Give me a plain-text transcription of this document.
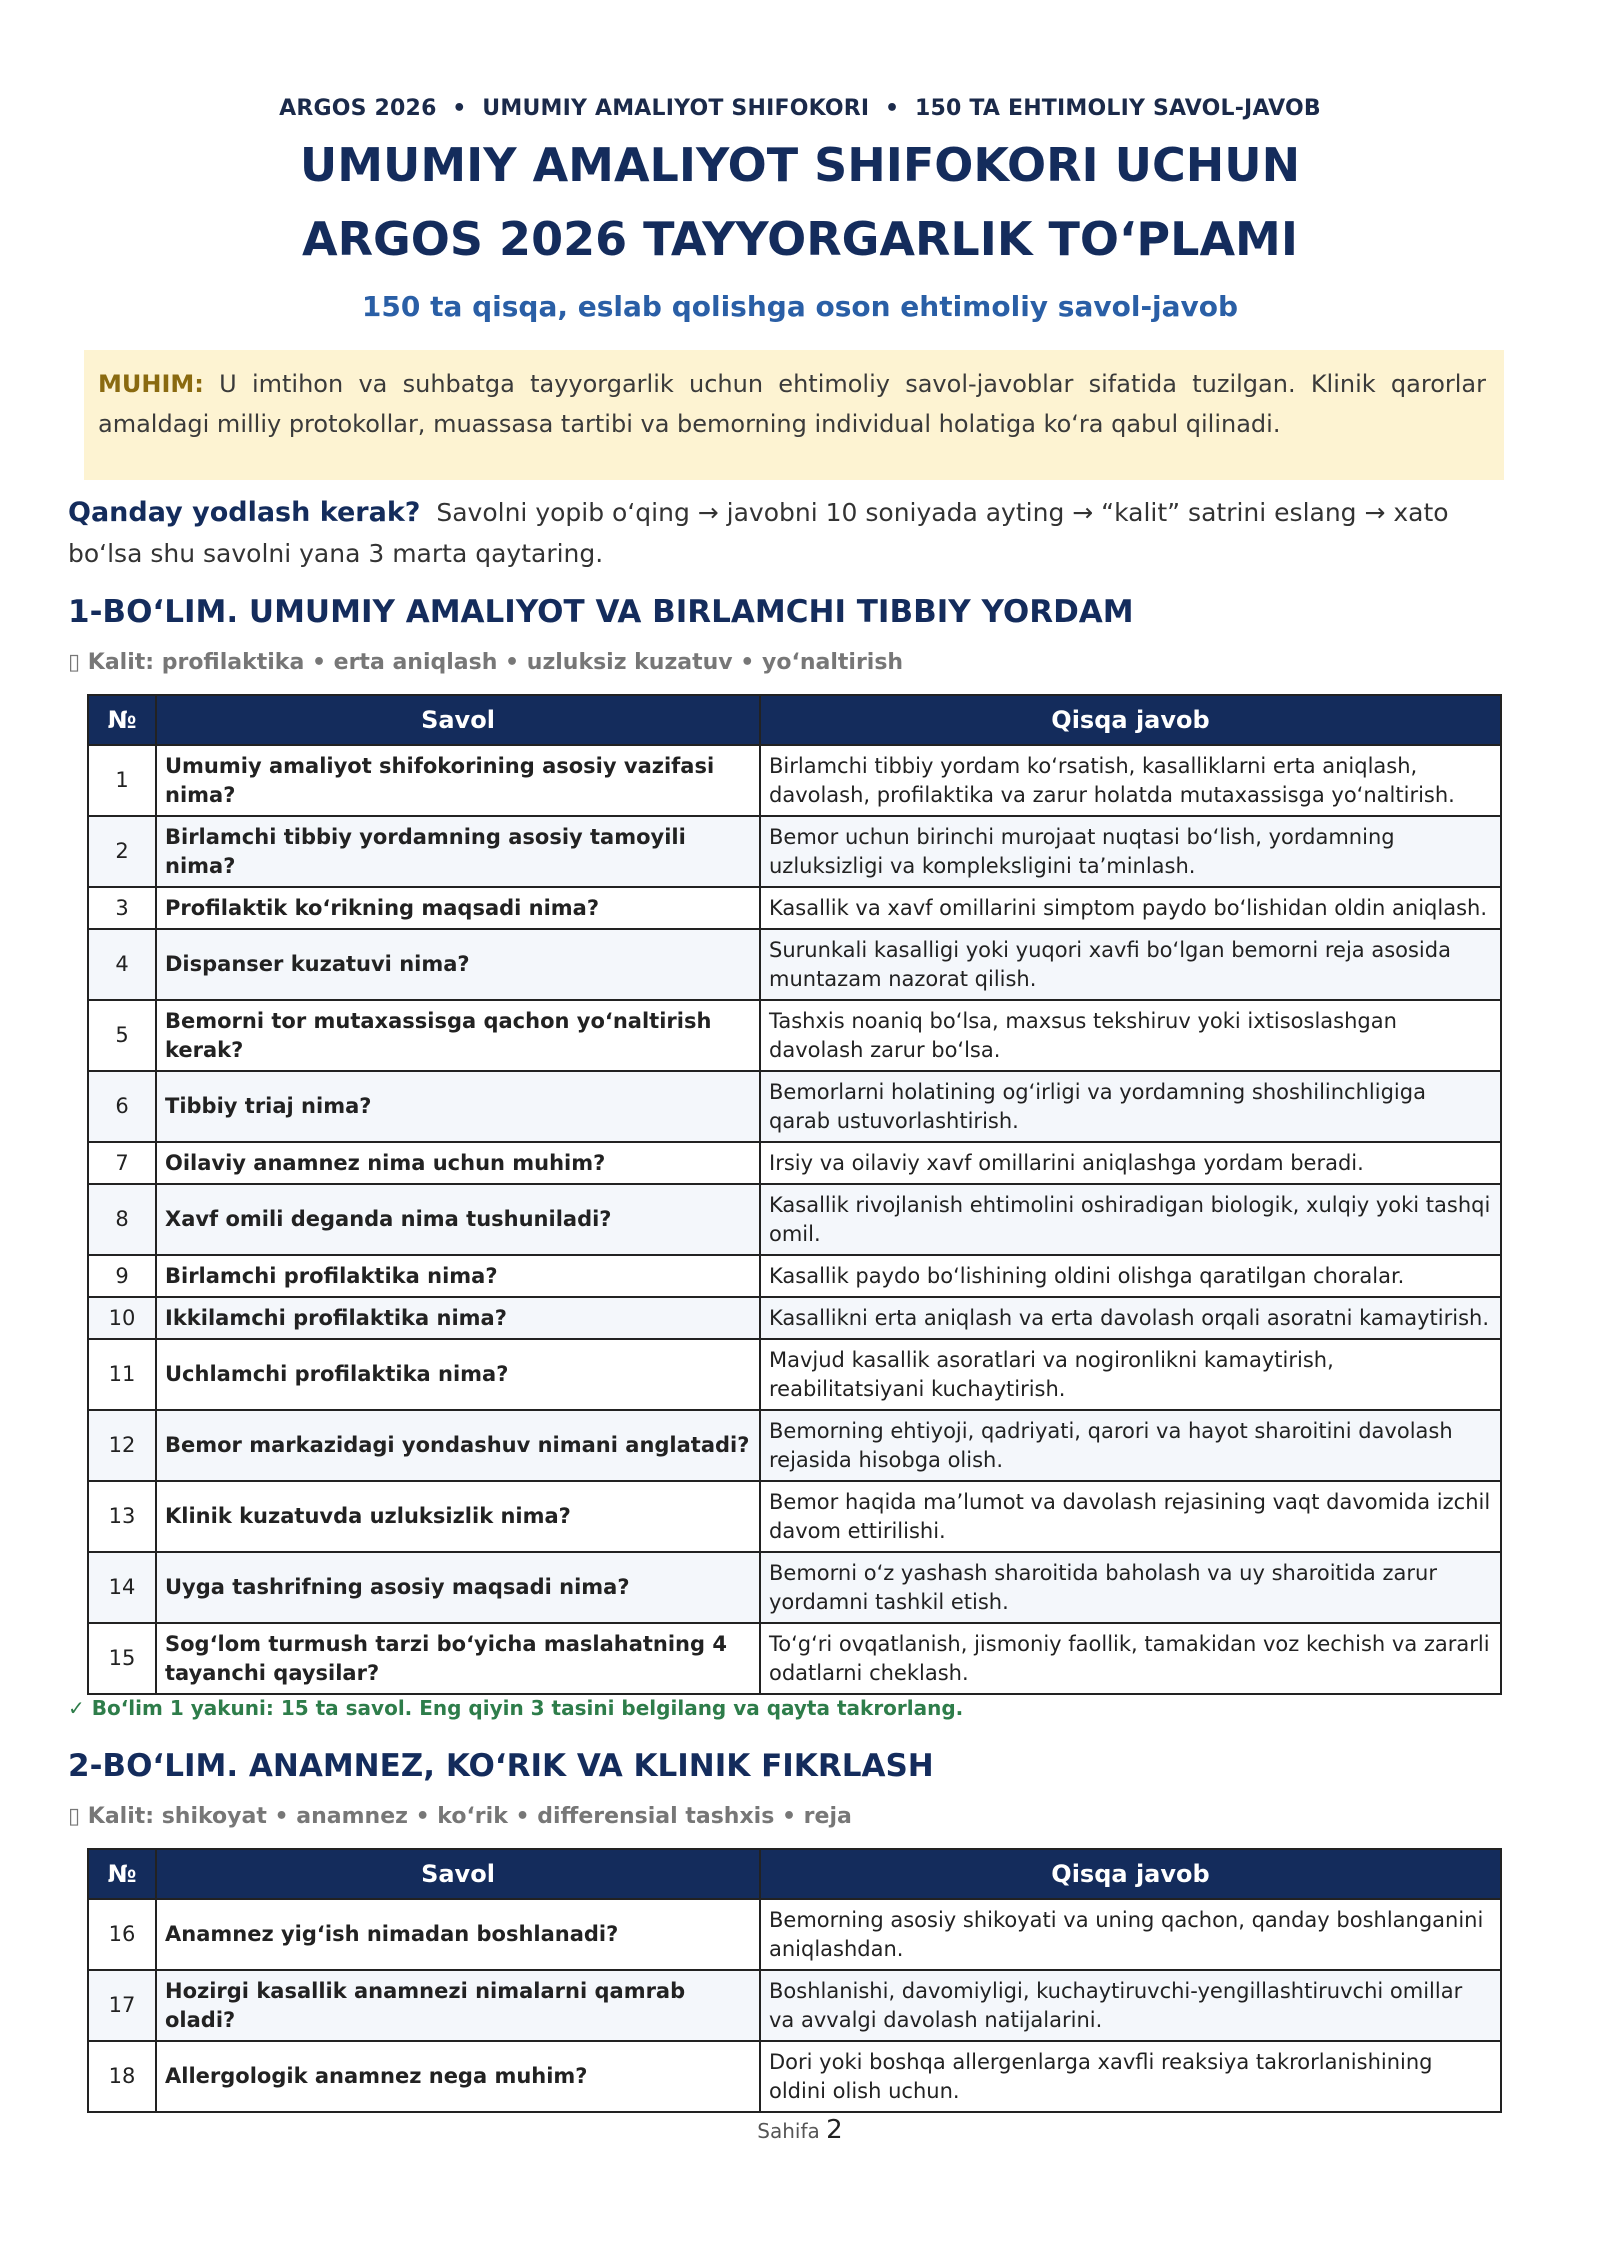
ARGOS 2026 • UMUMIY AMALIYOT SHIFOKORI • 150 TA EHTIMOLIY SAVOL-JAVOB
UMUMIY AMALIYOT SHIFOKORI UCHUN
ARGOS 2026 TAYYORGARLIK TO‘PLAMI
150 ta qisqa, eslab qolishga oson ehtimoliy savol-javob
MUHIM: U imtihon va suhbatga tayyorgarlik uchun ehtimoliy savol-javoblar sifatida tuzilgan. Klinik qarorlar amaldagi milliy protokollar, muassasa tartibi va bemorning individual holatiga ko‘ra qabul qilinadi.
Qanday yodlash kerak? Savolni yopib o‘qing → javobni 10 soniyada ayting → “kalit” satrini eslang → xato bo‘lsa shu savolni yana 3 marta qaytaring.
1-BO‘LIM. UMUMIY AMALIYOT VA BIRLAMCHI TIBBIY YORDAM
▯ Kalit: profilaktika • erta aniqlash • uzluksiz kuzatuv • yo‘naltirish
№	Savol	Qisqa javob
1	Umumiy amaliyot shifokorining asosiy vazifasi nima?	Birlamchi tibbiy yordam ko‘rsatish, kasalliklarni erta aniqlash, davolash, profilaktika va zarur holatda mutaxassisga yo‘naltirish.
2	Birlamchi tibbiy yordamning asosiy tamoyili nima?	Bemor uchun birinchi murojaat nuqtasi bo‘lish, yordamning uzluksizligi va kompleksligini ta’minlash.
3	Profilaktik ko‘rikning maqsadi nima?	Kasallik va xavf omillarini simptom paydo bo‘lishidan oldin aniqlash.
4	Dispanser kuzatuvi nima?	Surunkali kasalligi yoki yuqori xavfi bo‘lgan bemorni reja asosida muntazam nazorat qilish.
5	Bemorni tor mutaxassisga qachon yo‘naltirish kerak?	Tashxis noaniq bo‘lsa, maxsus tekshiruv yoki ixtisoslashgan davolash zarur bo‘lsa.
6	Tibbiy triaj nima?	Bemorlarni holatining og‘irligi va yordamning shoshilinchligiga qarab ustuvorlashtirish.
7	Oilaviy anamnez nima uchun muhim?	Irsiy va oilaviy xavf omillarini aniqlashga yordam beradi.
8	Xavf omili deganda nima tushuniladi?	Kasallik rivojlanish ehtimolini oshiradigan biologik, xulqiy yoki tashqi omil.
9	Birlamchi profilaktika nima?	Kasallik paydo bo‘lishining oldini olishga qaratilgan choralar.
10	Ikkilamchi profilaktika nima?	Kasallikni erta aniqlash va erta davolash orqali asoratni kamaytirish.
11	Uchlamchi profilaktika nima?	Mavjud kasallik asoratlari va nogironlikni kamaytirish, reabilitatsiyani kuchaytirish.
12	Bemor markazidagi yondashuv nimani anglatadi?	Bemorning ehtiyoji, qadriyati, qarori va hayot sharoitini davolash rejasida hisobga olish.
13	Klinik kuzatuvda uzluksizlik nima?	Bemor haqida ma’lumot va davolash rejasining vaqt davomida izchil davom ettirilishi.
14	Uyga tashrifning asosiy maqsadi nima?	Bemorni o‘z yashash sharoitida baholash va uy sharoitida zarur yordamni tashkil etish.
15	Sog‘lom turmush tarzi bo‘yicha maslahatning 4 tayanchi qaysilar?	To‘g‘ri ovqatlanish, jismoniy faollik, tamakidan voz kechish va zararli odatlarni cheklash.
✓ Bo‘lim 1 yakuni: 15 ta savol. Eng qiyin 3 tasini belgilang va qayta takrorlang.
2-BO‘LIM. ANAMNEZ, KO‘RIK VA KLINIK FIKRLASH
▯ Kalit: shikoyat • anamnez • ko‘rik • differensial tashxis • reja
№	Savol	Qisqa javob
16	Anamnez yig‘ish nimadan boshlanadi?	Bemorning asosiy shikoyati va uning qachon, qanday boshlanganini aniqlashdan.
17	Hozirgi kasallik anamnezi nimalarni qamrab oladi?	Boshlanishi, davomiyligi, kuchaytiruvchi-yengillashtiruvchi omillar va avvalgi davolash natijalarini.
18	Allergologik anamnez nega muhim?	Dori yoki boshqa allergenlarga xavfli reaksiya takrorlanishining oldini olish uchun.
Sahifa 2
